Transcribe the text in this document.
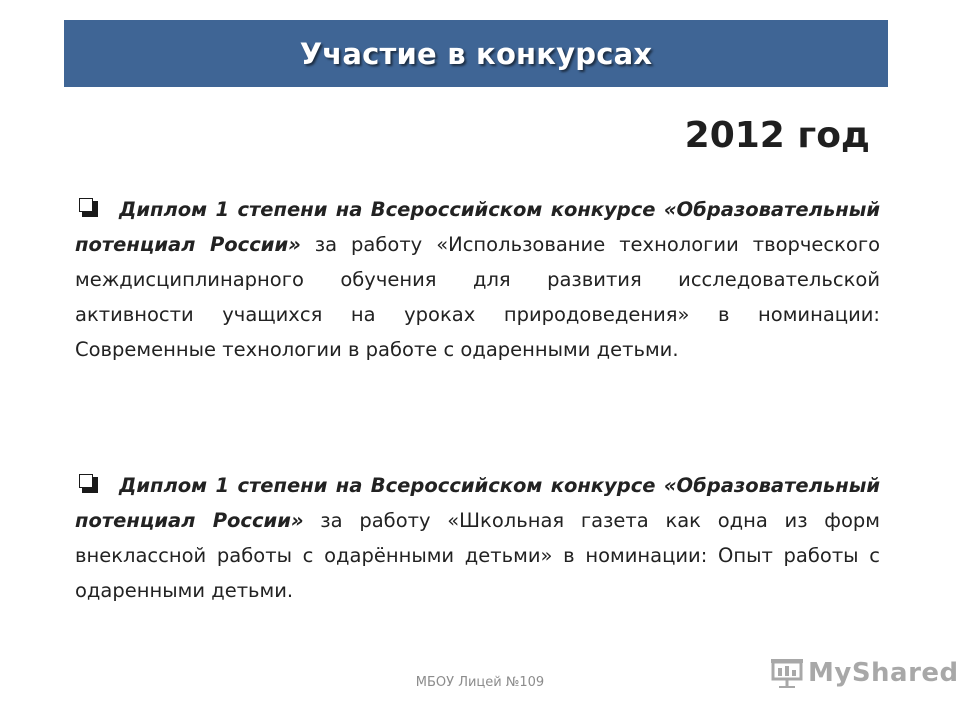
Участие в конкурсах
2012 год
Диплом 1 степени на Всероссийском конкурсе «Образовательный потенциал России» за работу «Использование технологии творческого междисциплинарного обучения для развития исследовательской активности учащихся на уроках природоведения» в номинации: Современные технологии в работе с одаренными детьми.
Диплом 1 степени на Всероссийском конкурсе «Образовательный потенциал России» за работу «Школьная газета как одна из форм внеклассной работы с одарёнными детьми» в номинации: Опыт работы с одаренными детьми.
МБОУ Лицей №109	MyShared
